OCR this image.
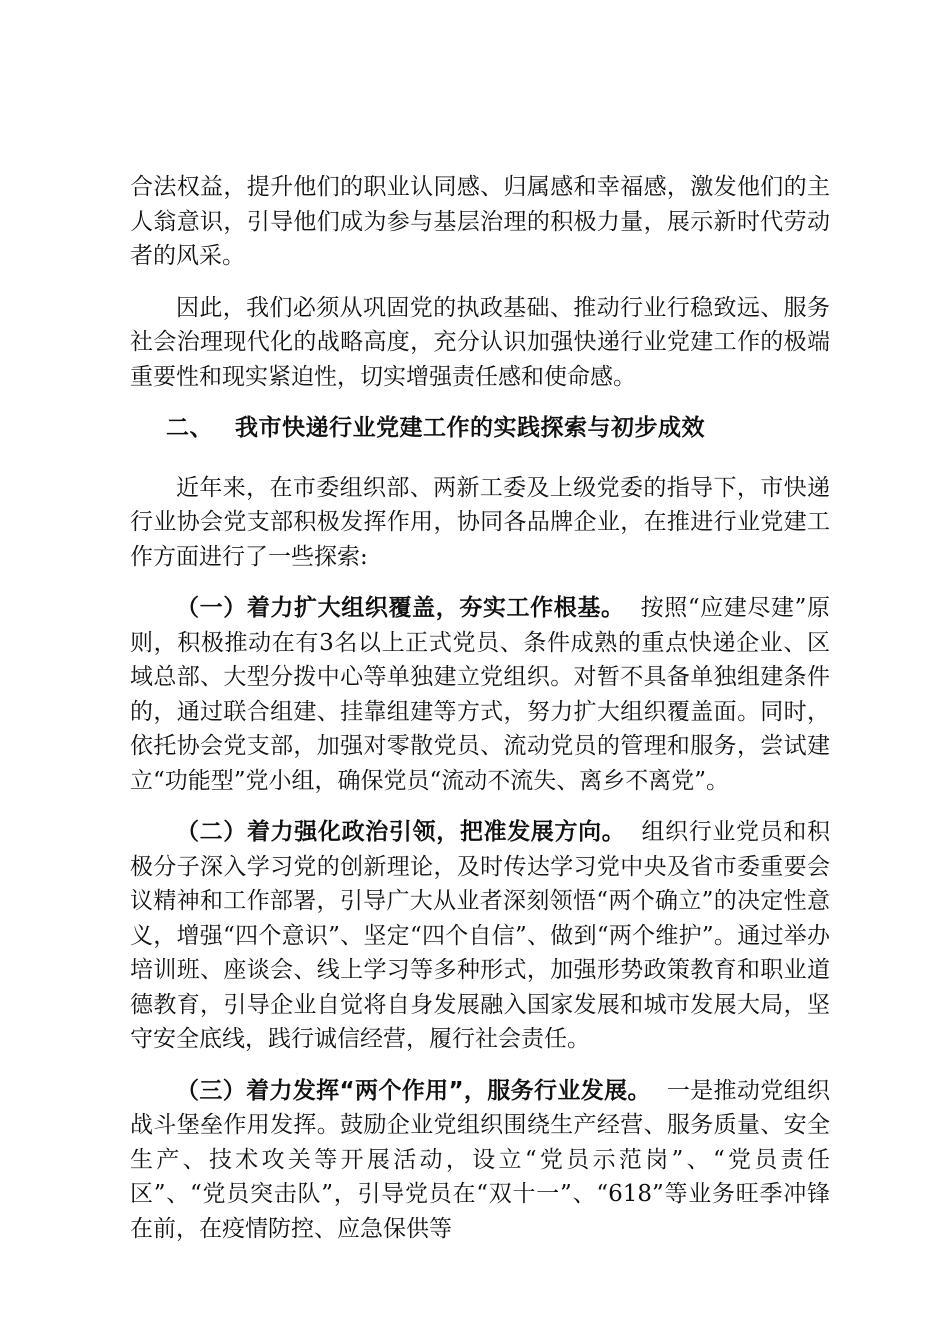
合法权益，提升他们的职业认同感、归属感和幸福感，激发他们的主人翁意识，引导他们成为参与基层治理的积极力量，展示新时代劳动者的风采。

因此，我们必须从巩固党的执政基础、推动行业行稳致远、服务社会治理现代化的战略高度，充分认识加强快递行业党建工作的极端重要性和现实紧迫性，切实增强责任感和使命感。

二、 我市快递行业党建工作的实践探索与初步成效

近年来，在市委组织部、两新工委及上级党委的指导下，市快递行业协会党支部积极发挥作用，协同各品牌企业，在推进行业党建工作方面进行了一些探索:

（一）着力扩大组织覆盖，夯实工作根基。 按照“应建尽建”原则，积极推动在有3名以上正式党员、条件成熟的重点快递企业、区域总部、大型分拨中心等单独建立党组织。对暂不具备单独组建条件的，通过联合组建、挂靠组建等方式，努力扩大组织覆盖面。同时，依托协会党支部，加强对零散党员、流动党员的管理和服务，尝试建立“功能型”党小组，确保党员“流动不流失、离乡不离党”。

（二）着力强化政治引领，把准发展方向。 组织行业党员和积极分子深入学习党的创新理论，及时传达学习党中央及省市委重要会议精神和工作部署，引导广大从业者深刻领悟“两个确立”的决定性意义，增强“四个意识”、坚定“四个自信”、做到“两个维护”。通过举办培训班、座谈会、线上学习等多种形式，加强形势政策教育和职业道德教育，引导企业自觉将自身发展融入国家发展和城市发展大局，坚守安全底线，践行诚信经营，履行社会责任。

（三）着力发挥“两个作用”，服务行业发展。 一是推动党组织战斗堡垒作用发挥。鼓励企业党组织围绕生产经营、服务质量、安全生产、技术攻关等开展活动，设立“党员示范岗”、“党员责任区”、“党员突击队”，引导党员在“双十一”、“618”等业务旺季冲锋在前，在疫情防控、应急保供等
